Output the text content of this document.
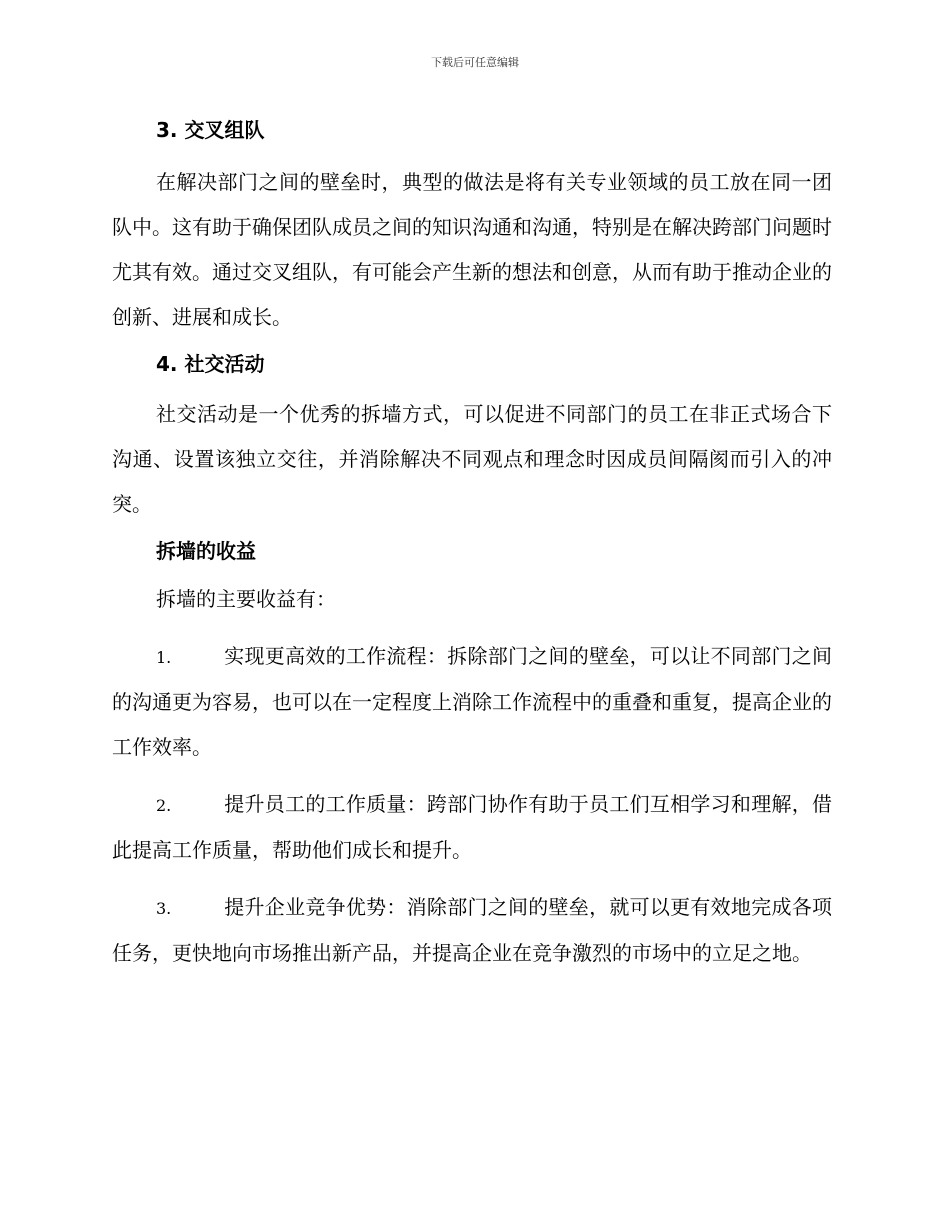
下载后可任意编辑

3. 交叉组队

在解决部门之间的壁垒时，典型的做法是将有关专业领域的员工放在同一团队中。这有助于确保团队成员之间的知识沟通和沟通，特别是在解决跨部门问题时尤其有效。通过交叉组队，有可能会产生新的想法和创意，从而有助于推动企业的创新、进展和成长。

4. 社交活动

社交活动是一个优秀的拆墙方式，可以促进不同部门的员工在非正式场合下沟通、设置该独立交往，并消除解决不同观点和理念时因成员间隔阂而引入的冲突。

拆墙的收益

拆墙的主要收益有：

1.	实现更高效的工作流程：拆除部门之间的壁垒，可以让不同部门之间的沟通更为容易，也可以在一定程度上消除工作流程中的重叠和重复，提高企业的工作效率。

2.	提升员工的工作质量：跨部门协作有助于员工们互相学习和理解，借此提高工作质量，帮助他们成长和提升。

3.	提升企业竞争优势：消除部门之间的壁垒，就可以更有效地完成各项任务，更快地向市场推出新产品，并提高企业在竞争激烈的市场中的立足之地。
